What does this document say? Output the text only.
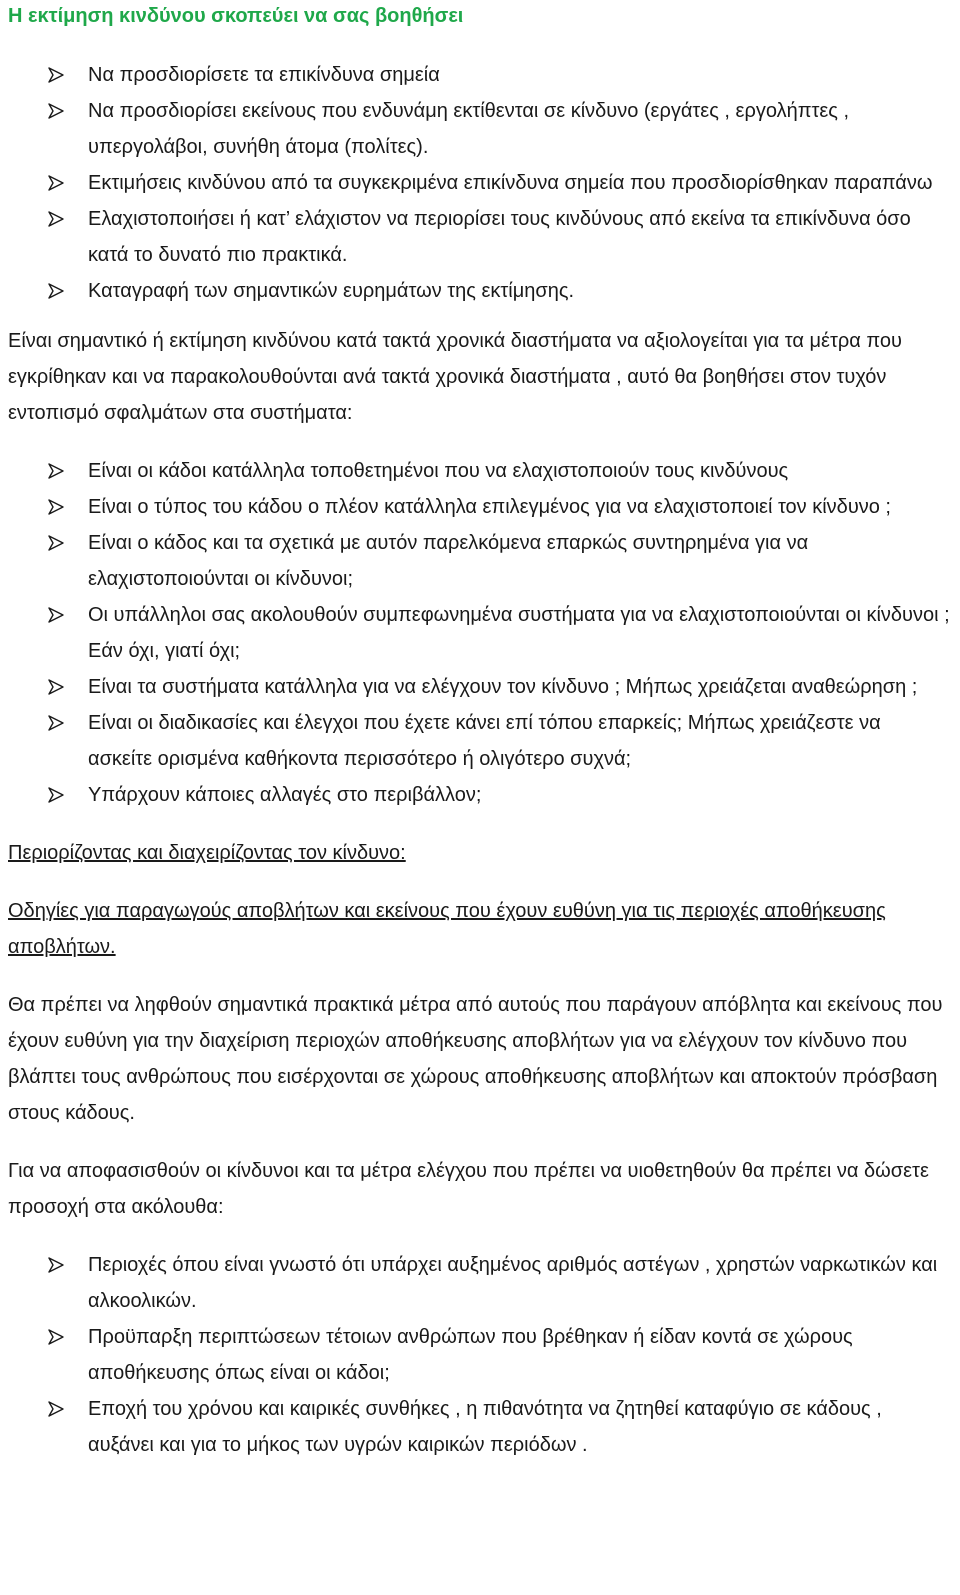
Η εκτίμηση κινδύνου σκοπεύει να σας βοηθήσει
Να προσδιορίσετε τα επικίνδυνα σημεία
Να προσδιορίσει εκείνους που ενδυνάμη εκτίθενται σε κίνδυνο (εργάτες , εργολήπτες , υπεργολάβοι, συνήθη άτομα (πολίτες).
Εκτιμήσεις κινδύνου από τα συγκεκριμένα επικίνδυνα σημεία που προσδιορίσθηκαν παραπάνω
Ελαχιστοποιήσει ή κατ’ ελάχιστον να περιορίσει τους κινδύνους από εκείνα τα επικίνδυνα όσο κατά το δυνατό πιο πρακτικά.
Καταγραφή των σημαντικών ευρημάτων της εκτίμησης.

Είναι σημαντικό ή εκτίμηση κινδύνου κατά τακτά χρονικά διαστήματα να αξιολογείται για τα μέτρα που εγκρίθηκαν και να παρακολουθούνται ανά τακτά χρονικά διαστήματα , αυτό θα βοηθήσει στον τυχόν εντοπισμό σφαλμάτων στα συστήματα:

Είναι οι κάδοι κατάλληλα τοποθετημένοι που να ελαχιστοποιούν τους κινδύνους
Είναι ο τύπος του κάδου ο πλέον κατάλληλα επιλεγμένος για να ελαχιστοποιεί τον κίνδυνο ;
Είναι ο κάδος και τα σχετικά με αυτόν παρελκόμενα επαρκώς συντηρημένα για να ελαχιστοποιούνται οι κίνδυνοι;
Οι υπάλληλοι σας ακολουθούν συμπεφωνημένα συστήματα για να ελαχιστοποιούνται οι κίνδυνοι ; Εάν όχι, γιατί όχι;
Είναι τα συστήματα κατάλληλα για να ελέγχουν τον κίνδυνο ; Μήπως χρειάζεται αναθεώρηση ;
Είναι οι διαδικασίες και έλεγχοι που έχετε κάνει επί τόπου επαρκείς; Μήπως χρειάζεστε να ασκείτε ορισμένα καθήκοντα περισσότερο ή ολιγότερο συχνά;
Υπάρχουν κάποιες αλλαγές στο περιβάλλον;

Περιορίζοντας και διαχειρίζοντας τον κίνδυνο:

Οδηγίες για παραγωγούς αποβλήτων και εκείνους που έχουν ευθύνη για τις περιοχές αποθήκευσης αποβλήτων.

Θα πρέπει να ληφθούν σημαντικά πρακτικά μέτρα από αυτούς που παράγουν απόβλητα και εκείνους που έχουν ευθύνη για την διαχείριση περιοχών αποθήκευσης αποβλήτων για να ελέγχουν τον κίνδυνο που βλάπτει τους ανθρώπους που εισέρχονται σε χώρους αποθήκευσης αποβλήτων και αποκτούν πρόσβαση στους κάδους.

Για να αποφασισθούν οι κίνδυνοι και τα μέτρα ελέγχου που πρέπει να υιοθετηθούν θα πρέπει να δώσετε προσοχή στα ακόλουθα:

Περιοχές όπου είναι γνωστό ότι υπάρχει αυξημένος αριθμός αστέγων , χρηστών ναρκωτικών και αλκοολικών.
Προϋπαρξη περιπτώσεων τέτοιων ανθρώπων που βρέθηκαν ή είδαν κοντά σε χώρους αποθήκευσης όπως είναι οι κάδοι;
Εποχή του χρόνου και καιρικές συνθήκες , η πιθανότητα να ζητηθεί καταφύγιο σε κάδους , αυξάνει και για το μήκος των υγρών καιρικών περιόδων .
